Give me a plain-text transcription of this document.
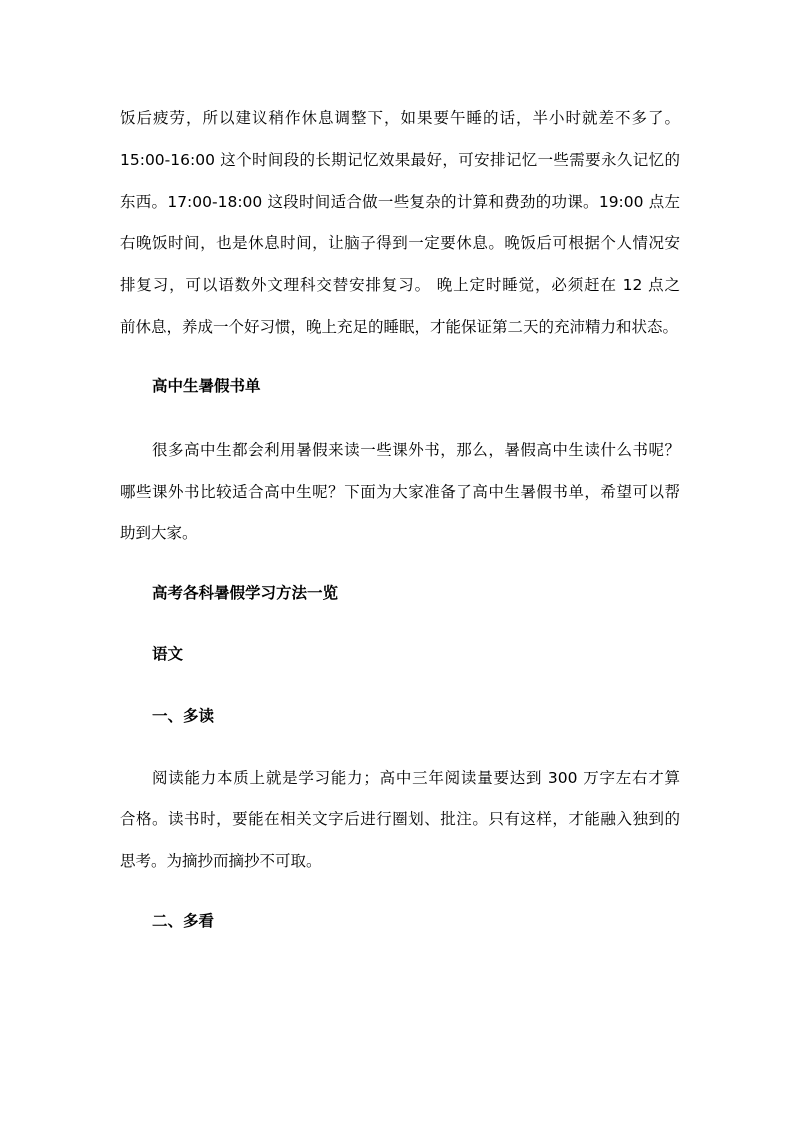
饭后疲劳，所以建议稍作休息调整下，如果要午睡的话，半小时就差不多了。
15:00-16:00 这个时间段的长期记忆效果最好，可安排记忆一些需要永久记忆的
东西。17:00-18:00 这段时间适合做一些复杂的计算和费劲的功课。19:00 点左
右晚饭时间，也是休息时间，让脑子得到一定要休息。晚饭后可根据个人情况安
排复习，可以语数外文理科交替安排复习。 晚上定时睡觉，必须赶在 12 点之
前休息，养成一个好习惯，晚上充足的睡眠，才能保证第二天的充沛精力和状态。
高中生暑假书单
很多高中生都会利用暑假来读一些课外书，那么，暑假高中生读什么书呢？
哪些课外书比较适合高中生呢？下面为大家准备了高中生暑假书单，希望可以帮
助到大家。
高考各科暑假学习方法一览
语文
一、多读
阅读能力本质上就是学习能力；高中三年阅读量要达到 300 万字左右才算
合格。读书时，要能在相关文字后进行圈划、批注。只有这样，才能融入独到的
思考。为摘抄而摘抄不可取。
二、多看
